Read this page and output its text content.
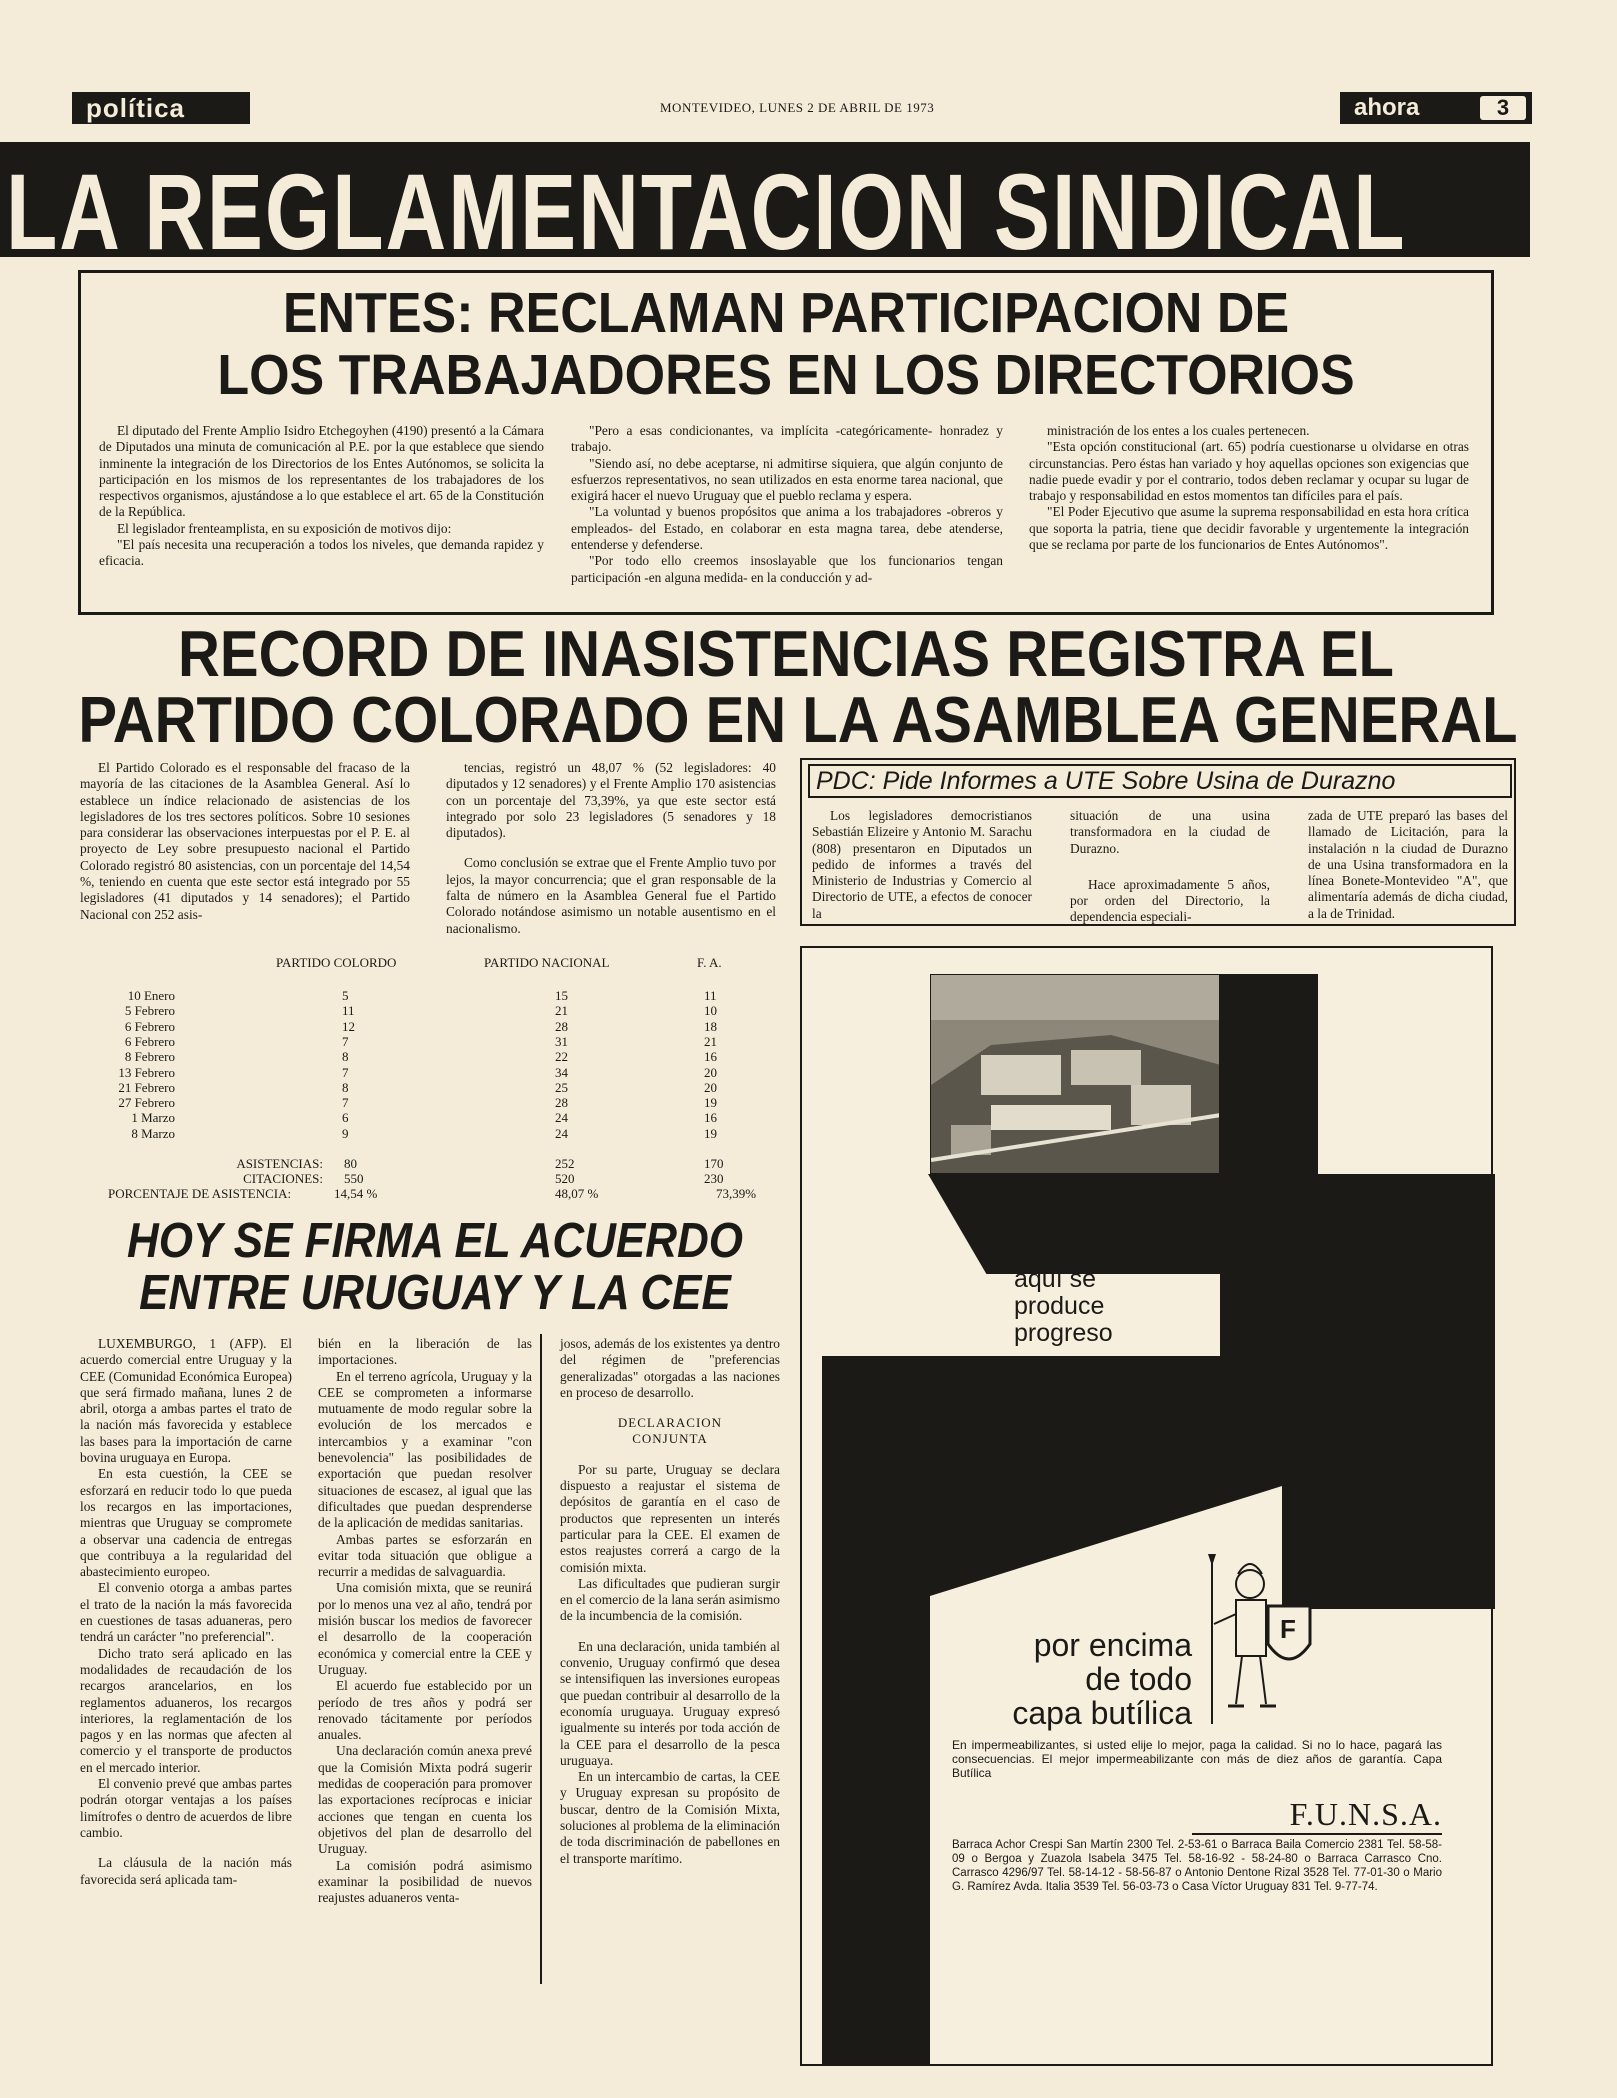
política	MONTEVIDEO, LUNES 2 DE ABRIL DE 1973	ahora	3
LA REGLAMENTACION SINDICAL
ENTES: RECLAMAN PARTICIPACION DE
LOS TRABAJADORES EN LOS DIRECTORIOS

El diputado del Frente Amplio Isidro Etchegoyhen (4190) presentó a la Cámara de Diputados una minuta de comunicación al P.E. por la que establece que siendo inminente la integración de los Directorios de los Entes Autónomos, se solicita la participación en los mismos de los representantes de los trabajadores de los respectivos organismos, ajustándose a lo que establece el art. 65 de la Constitución de la República.

El legislador frenteamplista, en su exposición de motivos dijo:

"El país necesita una recuperación a todos los niveles, que demanda rapidez y eficacia.

"Pero a esas condicionantes, va implícita -categóricamente- honradez y trabajo.

"Siendo así, no debe aceptarse, ni admitirse siquiera, que algún conjunto de esfuerzos representativos, no sean utilizados en esta enorme tarea nacional, que exigirá hacer el nuevo Uruguay que el pueblo reclama y espera.

"La voluntad y buenos propósitos que anima a los trabajadores -obreros y empleados- del Estado, en colaborar en esta magna tarea, debe atenderse, entenderse y defenderse.

"Por todo ello creemos insoslayable que los funcionarios tengan participación -en alguna medida- en la conducción y ad-

ministración de los entes a los cuales pertenecen.

"Esta opción constitucional (art. 65) podría cuestionarse u olvidarse en otras circunstancias. Pero éstas han variado y hoy aquellas opciones son exigencias que nadie puede evadir y por el contrario, todos deben reclamar y ocupar su lugar de trabajo y responsabilidad en estos momentos tan difíciles para el país.

"El Poder Ejecutivo que asume la suprema responsabilidad en esta hora crítica que soporta la patria, tiene que decidir favorable y urgentemente la integración que se reclama por parte de los funcionarios de Entes Autónomos".

RECORD DE INASISTENCIAS REGISTRA EL
PARTIDO COLORADO EN LA ASAMBLEA GENERAL

El Partido Colorado es el responsable del fracaso de la mayoría de las citaciones de la Asamblea General. Así lo establece un índice relacionado de asistencias de los legisladores de los tres sectores políticos. Sobre 10 sesiones para considerar las observaciones interpuestas por el P. E. al proyecto de Ley sobre presupuesto nacional el Partido Colorado registró 80 asistencias, con un porcentaje del 14,54 %, teniendo en cuenta que este sector está integrado por 55 legisladores (41 diputados y 14 senadores); el Partido Nacional con 252 asis-

tencias, registró un 48,07 % (52 legisladores: 40 diputados y 12 senadores) y el Frente Amplio 170 asistencias con un porcentaje del 73,39%, ya que este sector está integrado por solo 23 legisladores (5 senadores y 18 diputados).

Como conclusión se extrae que el Frente Amplio tuvo por lejos, la mayor concurrencia; que el gran responsable de la falta de número en la Asamblea General fue el Partido Colorado notándose asimismo un notable ausentismo en el nacionalismo.

PDC: Pide Informes a UTE Sobre Usina de Durazno

Los legisladores democristianos Sebastián Elizeire y Antonio M. Sarachu (808) presentaron en Diputados un pedido de informes a través del Ministerio de Industrias y Comercio al Directorio de UTE, a efectos de conocer la

situación de una usina transformadora en la ciudad de Durazno.

Hace aproximadamente 5 años, por orden del Directorio, la dependencia especiali-

zada de UTE preparó las bases del llamado de Licitación, para la instalación n la ciudad de Durazno de una Usina transformadora en la línea Bonete-Montevideo "A", que alimentaría además de dicha ciudad, a la de Trinidad.

PARTIDO COLORDO	PARTIDO NACIONAL	F. A.
10 Enero	5	15	11
5 Febrero	11	21	10
6 Febrero	12	28	18
6 Febrero	7	31	21
8 Febrero	8	22	16
13 Febrero	7	34	20
21 Febrero	8	25	20
27 Febrero	7	28	19
1 Marzo	6	24	16
8 Marzo	9	24	19
ASISTENCIAS: 80	252	170
CITACIONES: 550	520	230
PORCENTAJE DE ASISTENCIA:	14,54 %	48,07 %	73,39%
HOY SE FIRMA EL ACUERDO
ENTRE URUGUAY Y LA CEE

LUXEMBURGO, 1 (AFP). El acuerdo comercial entre Uruguay y la CEE (Comunidad Económica Europea) que será firmado mañana, lunes 2 de abril, otorga a ambas partes el trato de la nación más favorecida y establece las bases para la importación de carne bovina uruguaya en Europa.

En esta cuestión, la CEE se esforzará en reducir todo lo que pueda los recargos en las importaciones, mientras que Uruguay se compromete a observar una cadencia de entregas que contribuya a la regularidad del abastecimiento europeo.

El convenio otorga a ambas partes el trato de la nación la más favorecida en cuestiones de tasas aduaneras, pero tendrá un carácter "no preferencial".

Dicho trato será aplicado en las modalidades de recaudación de los recargos arancelarios, en los reglamentos aduaneros, los recargos interiores, la reglamentación de los pagos y en las normas que afecten al comercio y el transporte de productos en el mercado interior.

El convenio prevé que ambas partes podrán otorgar ventajas a los países limítrofes o dentro de acuerdos de libre cambio.

La cláusula de la nación más favorecida será aplicada tam-

bién en la liberación de las importaciones.

En el terreno agrícola, Uruguay y la CEE se comprometen a informarse mutuamente de modo regular sobre la evolución de los mercados e intercambios y a examinar "con benevolencia" las posibilidades de exportación que puedan resolver situaciones de escasez, al igual que las dificultades que puedan desprenderse de la aplicación de medidas sanitarias.

Ambas partes se esforzarán en evitar toda situación que obligue a recurrir a medidas de salvaguardia.

Una comisión mixta, que se reunirá por lo menos una vez al año, tendrá por misión buscar los medios de favorecer el desarrollo de la cooperación económica y comercial entre la CEE y Uruguay.

El acuerdo fue establecido por un período de tres años y podrá ser renovado tácitamente por períodos anuales.

Una declaración común anexa prevé que la Comisión Mixta podrá sugerir medidas de cooperación para promover las exportaciones recíprocas e iniciar acciones que tengan en cuenta los objetivos del plan de desarrollo del Uruguay.

La comisión podrá asimismo examinar la posibilidad de nuevos reajustes aduaneros venta-

josos, además de los existentes ya dentro del régimen de "preferencias generalizadas" otorgadas a las naciones en proceso de desarrollo.

DECLARACION
CONJUNTA

Por su parte, Uruguay se declara dispuesto a reajustar el sistema de depósitos de garantía en el caso de productos que representen un interés particular para la CEE. El examen de estos reajustes correrá a cargo de la comisión mixta.

Las dificultades que pudieran surgir en el comercio de la lana serán asimismo de la incumbencia de la comisión.

En una declaración, unida también al convenio, Uruguay confirmó que desea se intensifiquen las inversiones europeas que puedan contribuir al desarrollo de la economía uruguaya. Uruguay expresó igualmente su interés por toda acción de la CEE para el desarrollo de la pesca uruguaya.

En un intercambio de cartas, la CEE y Uruguay expresan su propósito de buscar, dentro de la Comisión Mixta, soluciones al problema de la eliminación de toda discriminación de pabellones en el transporte marítimo.

aquí se
produce
progreso
por encima
de todo
capa butílica
F
En impermeabilizantes, si usted elije lo mejor, paga la calidad. Si no lo hace, pagará las consecuencias. El mejor impermeabilizante con más de diez años de garantía. Capa Butílica
F.U.N.S.A.
Barraca Achor Crespi San Martín 2300 Tel. 2-53-61 o Barraca Baila Comercio 2381 Tel. 58-58-09 o Bergoa y Zuazola Isabela 3475 Tel. 58-16-92 - 58-24-80 o Barraca Carrasco Cno. Carrasco 4296/97 Tel. 58-14-12 - 58-56-87 o Antonio Dentone Rizal 3528 Tel. 77-01-30 o Mario G. Ramírez Avda. Italia 3539 Tel. 56-03-73 o Casa Víctor Uruguay 831 Tel. 9-77-74.
